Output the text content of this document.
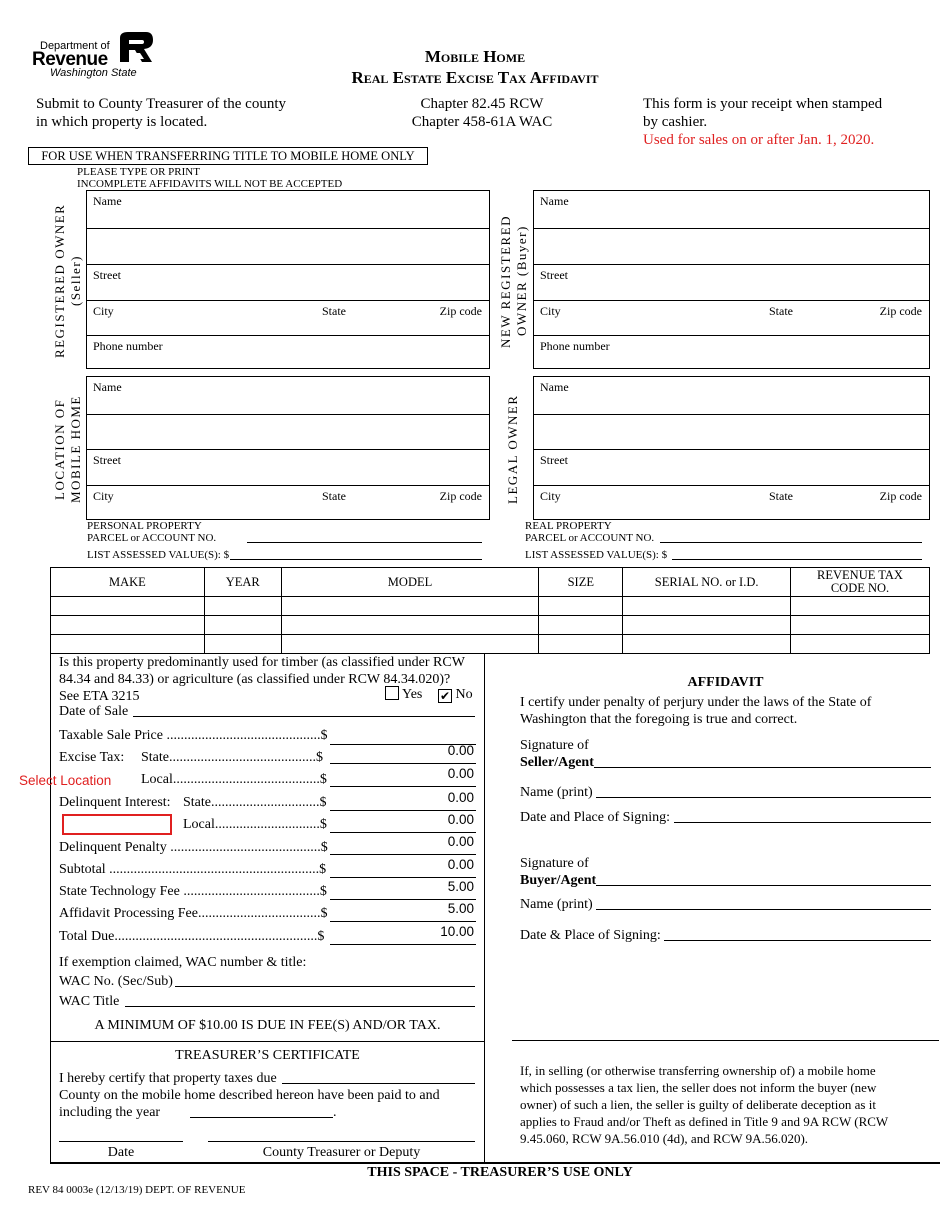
Department of
Revenue
Washington State
Mobile Home
Real Estate Excise Tax Affidavit
Submit to County Treasurer of the county
in which property is located.
Chapter 82.45 RCW
Chapter 458-61A WAC
This form is your receipt when stamped
by cashier.
Used for sales on or after Jan. 1, 2020.
FOR USE WHEN TRANSFERRING TITLE TO MOBILE HOME ONLY
PLEASE TYPE OR PRINT
INCOMPLETE AFFIDAVITS WILL NOT BE ACCEPTED
REGISTERED OWNER (Seller)
Name
Street
City	State	Zip code
Phone number	NEW REGISTERED OWNER (Buyer)
Name
Street
City	State	Zip code
Phone number
LOCATION OF MOBILE HOME
Name
Street
City	State	Zip code LEGAL OWNER
Name
Street
City	State	Zip code
PERSONAL PROPERTY
PARCEL or ACCOUNT NO.
LIST ASSESSED VALUE(S): $
REAL PROPERTY
PARCEL or ACCOUNT NO.
LIST ASSESSED VALUE(S): $
MAKE	YEAR	MODEL	SIZE	SERIAL NO. or I.D.	REVENUE TAX CODE NO.

Is this property predominantly used for timber (as classified under RCW
84.34 and 84.33) or agriculture (as classified under RCW 84.34.020)?
See ETA 3215	Yes ✔ No
Date of Sale
Taxable Sale Price ............................................$
Excise Tax: State..........................................$	0.00
Local..........................................$	0.00
Select Location
Delinquent Interest: State...............................$	0.00
Local..............................$	0.00
Delinquent Penalty ...........................................$	0.00
Subtotal ............................................................$	0.00
State Technology Fee .......................................$	5.00
Affidavit Processing Fee...................................$	5.00
Total Due..........................................................$	10.00
If exemption claimed, WAC number & title:
WAC No. (Sec/Sub)
WAC Title
A MINIMUM OF $10.00 IS DUE IN FEE(S) AND/OR TAX.
TREASURER’S CERTIFICATE
I hereby certify that property taxes due
County on the mobile home described hereon have been paid to and
including the year	.
Date	County Treasurer or Deputy
AFFIDAVIT
I certify under penalty of perjury under the laws of the State of
Washington that the foregoing is true and correct.
Signature of
Seller/Agent
Name (print)
Date and Place of Signing:
Signature of
Buyer/Agent
Name (print)
Date & Place of Signing:
If, in selling (or otherwise transferring ownership of) a mobile home
which possesses a tax lien, the seller does not inform the buyer (new
owner) of such a lien, the seller is guilty of deliberate deception as it
applies to Fraud and/or Theft as defined in Title 9 and 9A RCW (RCW
9.45.060, RCW 9A.56.010 (4d), and RCW 9A.56.020).
THIS SPACE - TREASURER’S USE ONLY
REV 84 0003e (12/13/19) DEPT. OF REVENUE
